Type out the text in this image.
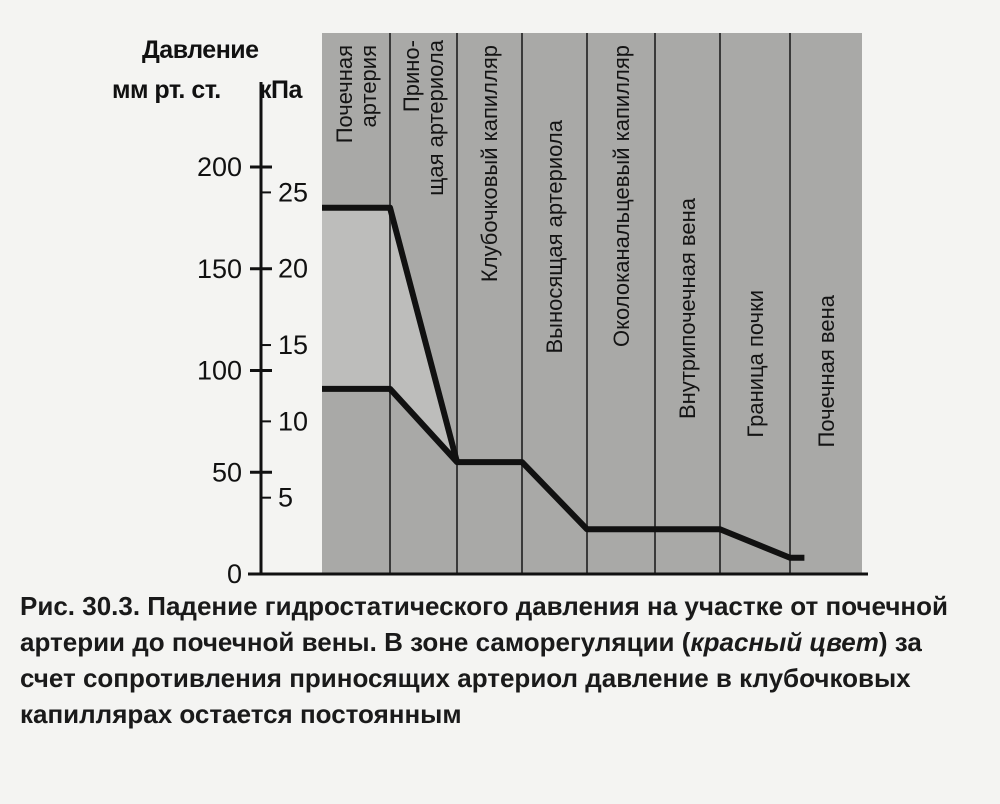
Давление
мм рт. ст. кПа Почечная артерия Прино- щая артериола Клубочковый капилляр Выносящая артериола Околоканальцевый капилляр Внутрипочечная вена Граница почки Почечная вена
0
50
100
150
200
5
10
15
20
25
Рис. 30.3. Падение гидростатического давления на участке от почечной артерии до почечной вены. В зоне саморегуляции (красный цвет) за счет сопротивления приносящих артериол давление в клубочковых капиллярах остается постоянным
